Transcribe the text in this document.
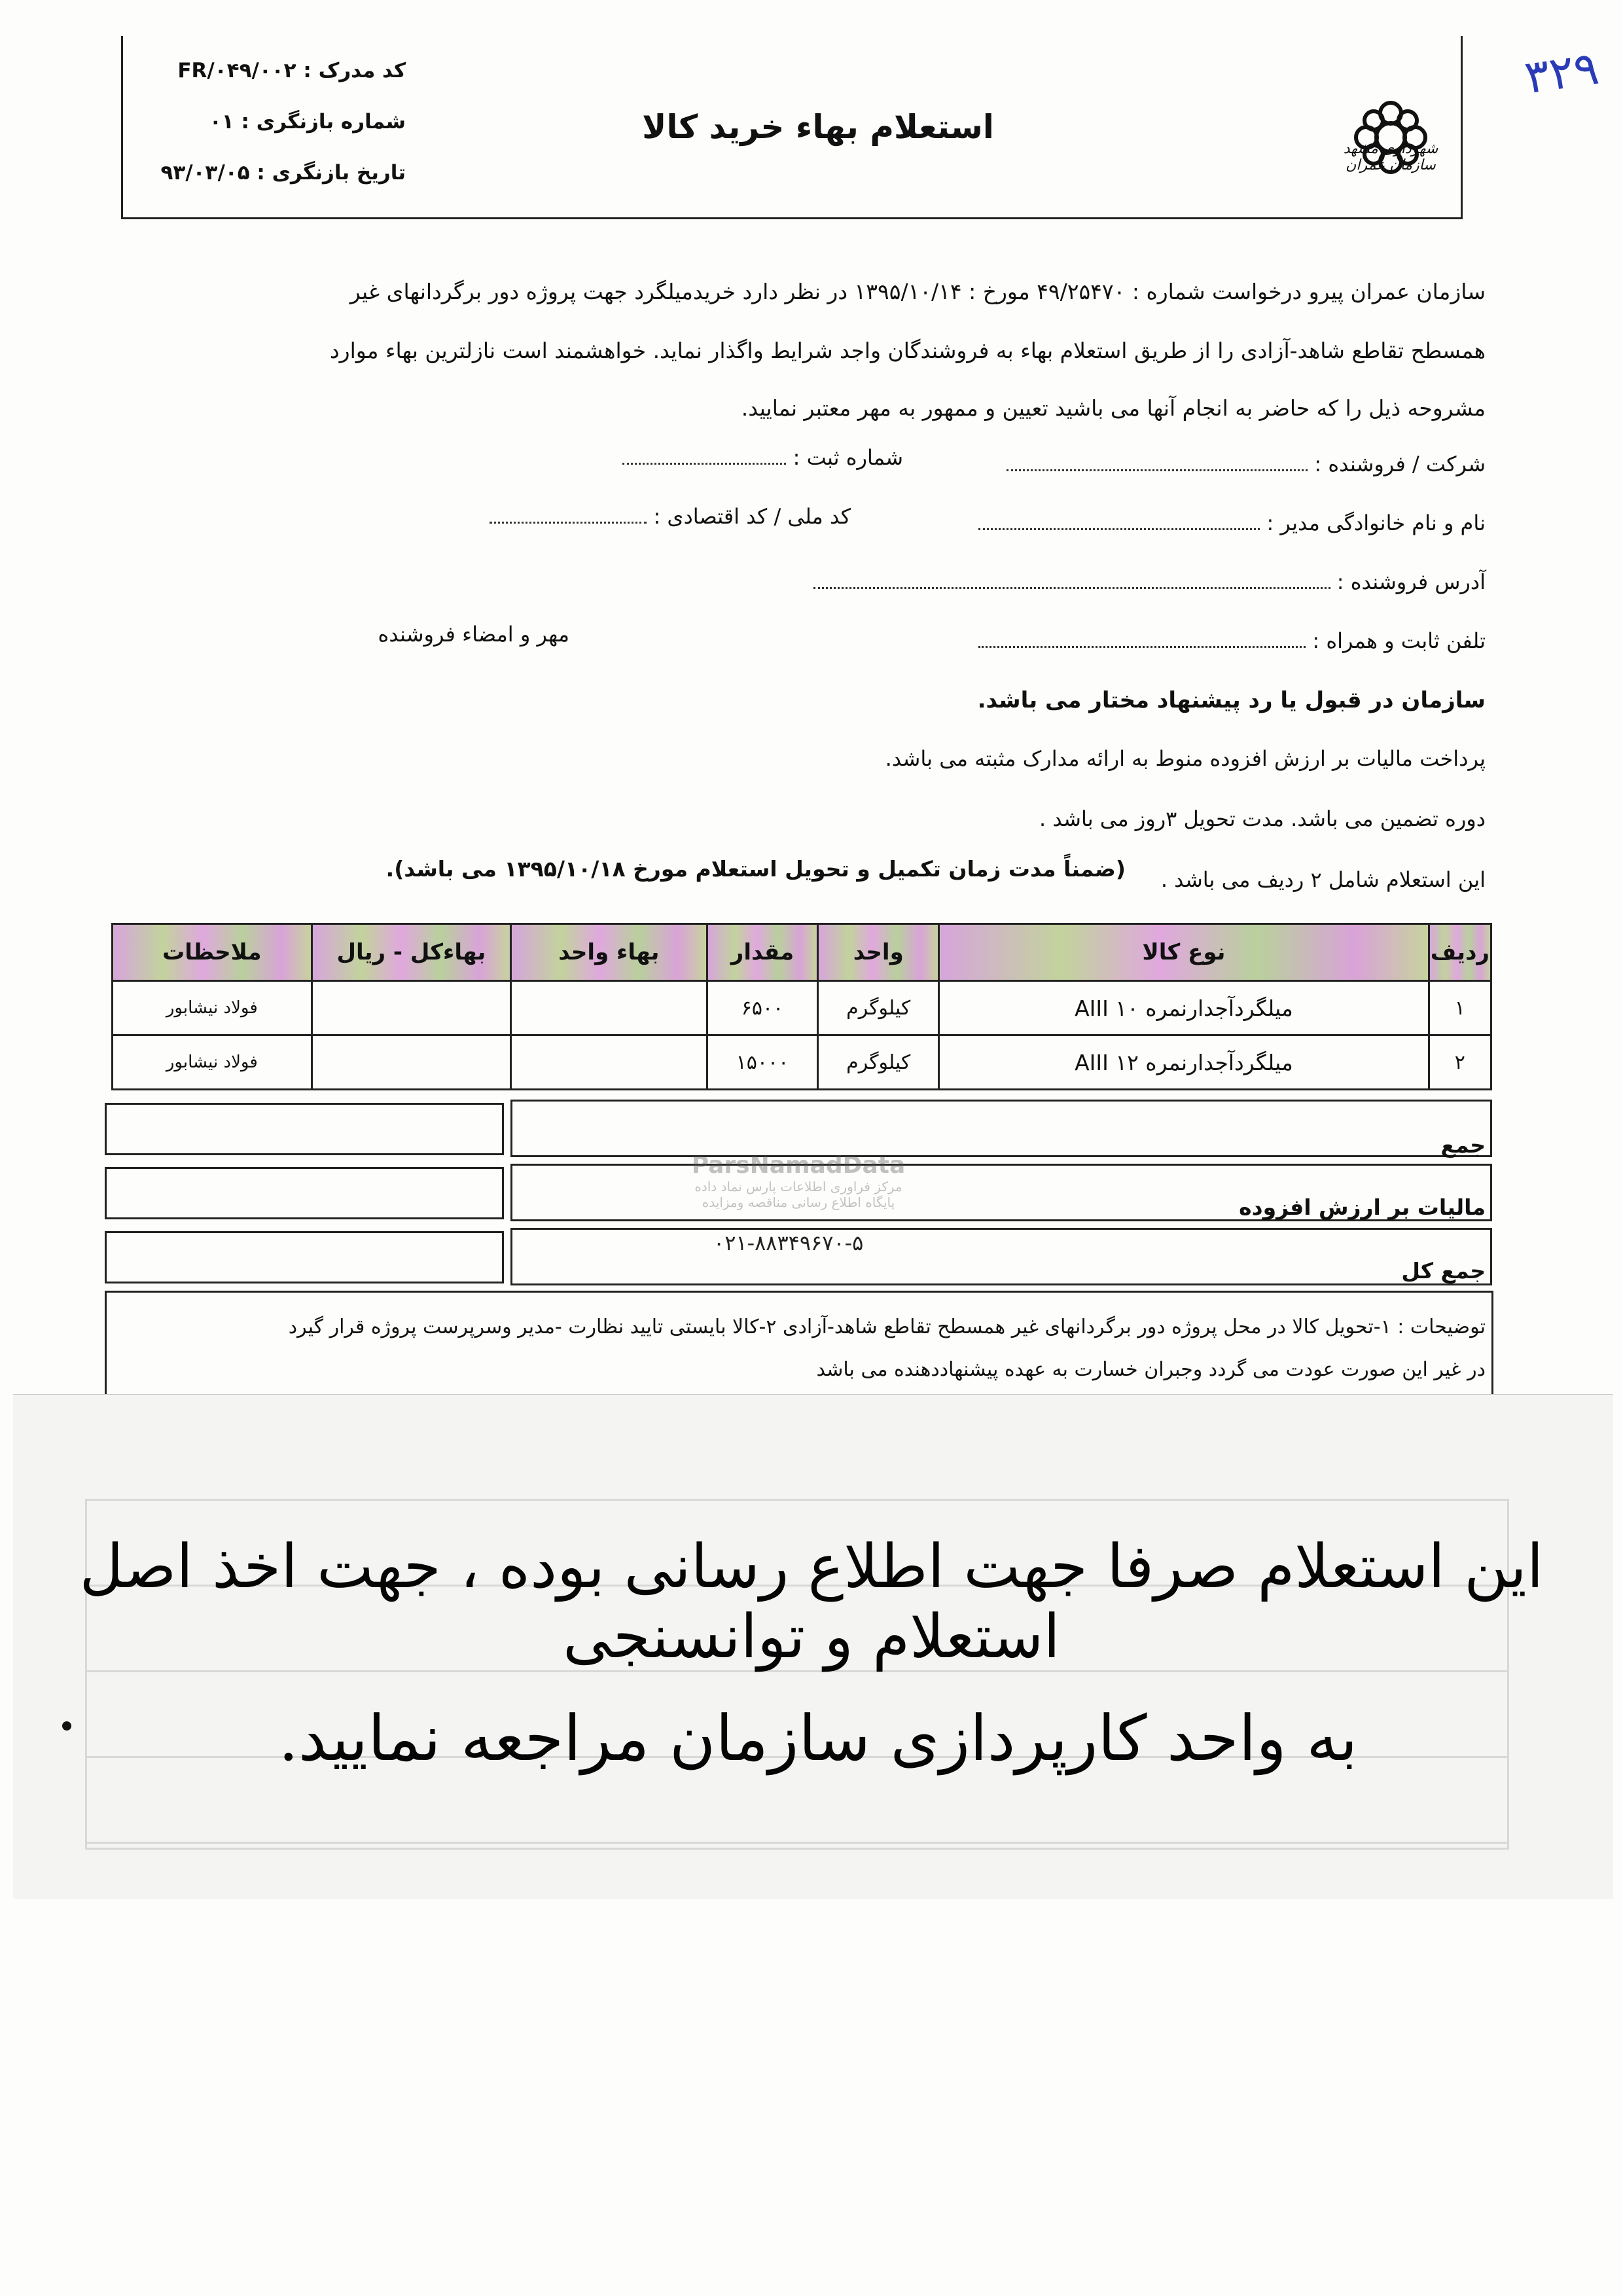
۳۲۹
شهرداری مشهد سازمان عمران
استعلام بهاء خرید کالا
کد مدرک : FR/۰۴۹/۰۰۲
شماره بازنگری : ۰۱
تاریخ بازنگری : ۹۳/۰۳/۰۵
سازمان عمران پیرو درخواست شماره : ۴۹/۲۵۴۷۰ مورخ : ۱۳۹۵/۱۰/۱۴ در نظر دارد خریدمیلگرد جهت پروژه دور برگردانهای غیر
همسطح تقاطع شاهد-آزادی را از طریق استعلام بهاء به فروشندگان واجد شرایط واگذار نماید. خواهشمند است نازلترین بهاء موارد
مشروحه ذیل را که حاضر به انجام آنها می باشید تعیین و ممهور به مهر معتبر نمایید.
شرکت / فروشنده :
شماره ثبت :
نام و نام خانوادگی مدیر :
کد ملی / کد اقتصادی :
آدرس فروشنده :
تلفن ثابت و همراه :
مهر و امضاء فروشنده
سازمان در قبول یا رد پیشنهاد مختار می باشد.
پرداخت مالیات بر ارزش افزوده منوط به ارائه مدارک مثبته می باشد.
دوره تضمین می باشد. مدت تحویل ۳روز می باشد .
این استعلام شامل ۲ ردیف می باشد .
(ضمناً مدت زمان تکمیل و تحویل استعلام مورخ ۱۳۹۵/۱۰/۱۸ می باشد).
ردیف	نوع کالا	واحد	مقدار	بهاء واحد	بهاءکل - ریال	ملاحظات
۱	میلگردآجدارنمره ۱۰ AIII	کیلوگرم	۶۵۰۰			فولاد نیشابور
۲	میلگردآجدارنمره ۱۲ AIII	کیلوگرم	۱۵۰۰۰			فولاد نیشابور
جمع
مالیات بر ارزش افزوده
جمع کل
توضیحات : ۱-تحویل کالا در محل پروژه دور برگردانهای غیر همسطح تقاطع شاهد-آزادی ۲-کالا بایستی تایید نظارت -مدیر وسرپرست پروژه قرار گیرد
در غیر این صورت عودت می گردد وجبران خسارت به عهده پیشنهاددهنده می باشد
ParsNamadData
مرکز فراوری اطلاعات پارس نماد داده
پایگاه اطلاع رسانی مناقصه ومزایده
۰۲۱-۸۸۳۴۹۶۷۰-۵
این استعلام صرفا جهت اطلاع رسانی بوده ، جهت اخذ اصل استعلام و توانسنجی
به واحد کارپردازی سازمان مراجعه نمایید.
